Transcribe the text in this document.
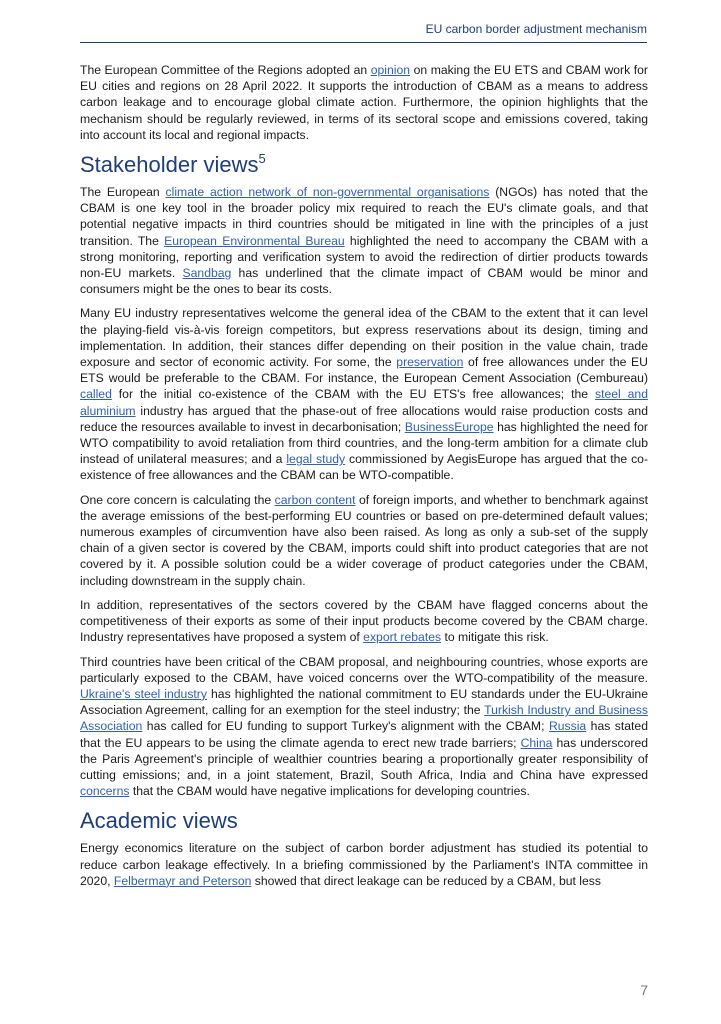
EU carbon border adjustment mechanism

The European Committee of the Regions adopted an opinion on making the EU ETS and CBAM work for EU cities and regions on 28 April 2022. It supports the introduction of CBAM as a means to address carbon leakage and to encourage global climate action. Furthermore, the opinion highlights that the mechanism should be regularly reviewed, in terms of its sectoral scope and emissions covered, taking into account its local and regional impacts.

Stakeholder views$^5$

The European climate action network of non-governmental organisations (NGOs) has noted that the CBAM is one key tool in the broader policy mix required to reach the EU's climate goals, and that potential negative impacts in third countries should be mitigated in line with the principles of a just transition. The European Environmental Bureau highlighted the need to accompany the CBAM with a strong monitoring, reporting and verification system to avoid the redirection of dirtier products towards non-EU markets. Sandbag has underlined that the climate impact of CBAM would be minor and consumers might be the ones to bear its costs.

Many EU industry representatives welcome the general idea of the CBAM to the extent that it can level the playing-field vis-à-vis foreign competitors, but express reservations about its design, timing and implementation. In addition, their stances differ depending on their position in the value chain, trade exposure and sector of economic activity. For some, the preservation of free allowances under the EU ETS would be preferable to the CBAM. For instance, the European Cement Association (Cembureau) called for the initial co-existence of the CBAM with the EU ETS's free allowances; the steel and aluminium industry has argued that the phase-out of free allocations would raise production costs and reduce the resources available to invest in decarbonisation; BusinessEurope has highlighted the need for WTO compatibility to avoid retaliation from third countries, and the long-term ambition for a climate club instead of unilateral measures; and a legal study commissioned by AegisEurope has argued that the co-existence of free allowances and the CBAM can be WTO-compatible.

One core concern is calculating the carbon content of foreign imports, and whether to benchmark against the average emissions of the best-performing EU countries or based on pre-determined default values; numerous examples of circumvention have also been raised. As long as only a sub-set of the supply chain of a given sector is covered by the CBAM, imports could shift into product categories that are not covered by it. A possible solution could be a wider coverage of product categories under the CBAM, including downstream in the supply chain.

In addition, representatives of the sectors covered by the CBAM have flagged concerns about the competitiveness of their exports as some of their input products become covered by the CBAM charge. Industry representatives have proposed a system of export rebates to mitigate this risk.

Third countries have been critical of the CBAM proposal, and neighbouring countries, whose exports are particularly exposed to the CBAM, have voiced concerns over the WTO-compatibility of the measure. Ukraine's steel industry has highlighted the national commitment to EU standards under the EU-Ukraine Association Agreement, calling for an exemption for the steel industry; the Turkish Industry and Business Association has called for EU funding to support Turkey's alignment with the CBAM; Russia has stated that the EU appears to be using the climate agenda to erect new trade barriers; China has underscored the Paris Agreement's principle of wealthier countries bearing a proportionally greater responsibility of cutting emissions; and, in a joint statement, Brazil, South Africa, India and China have expressed concerns that the CBAM would have negative implications for developing countries.

Academic views

Energy economics literature on the subject of carbon border adjustment has studied its potential to reduce carbon leakage effectively. In a briefing commissioned by the Parliament's INTA committee in 2020, Felbermayr and Peterson showed that direct leakage can be reduced by a CBAM, but less

7
